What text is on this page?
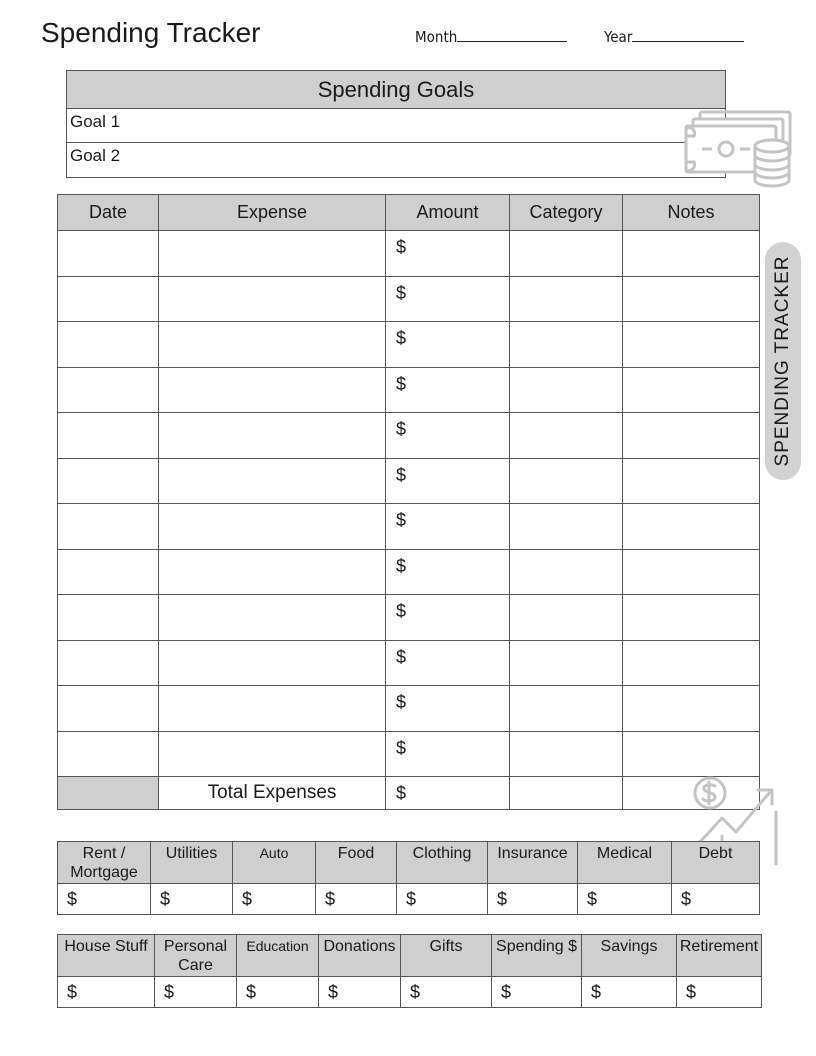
Spending Tracker	Month	Year
Spending Goals
Goal 1
Goal 2
Date	Expense	Amount	Category	Notes
		$		
		$		
		$		
		$		
		$		
		$		
		$		
		$		
		$		
		$		
		$		
		$		
	Total Expenses	$		
SPENDING TRACKER
Rent / Mortgage	Utilities	Auto	Food	Clothing	Insurance	Medical	Debt
$	$	$	$	$	$	$	$
House Stuff	Personal Care	Education	Donations	Gifts	Spending $	Savings	Retirement
$	$	$	$	$	$	$	$
